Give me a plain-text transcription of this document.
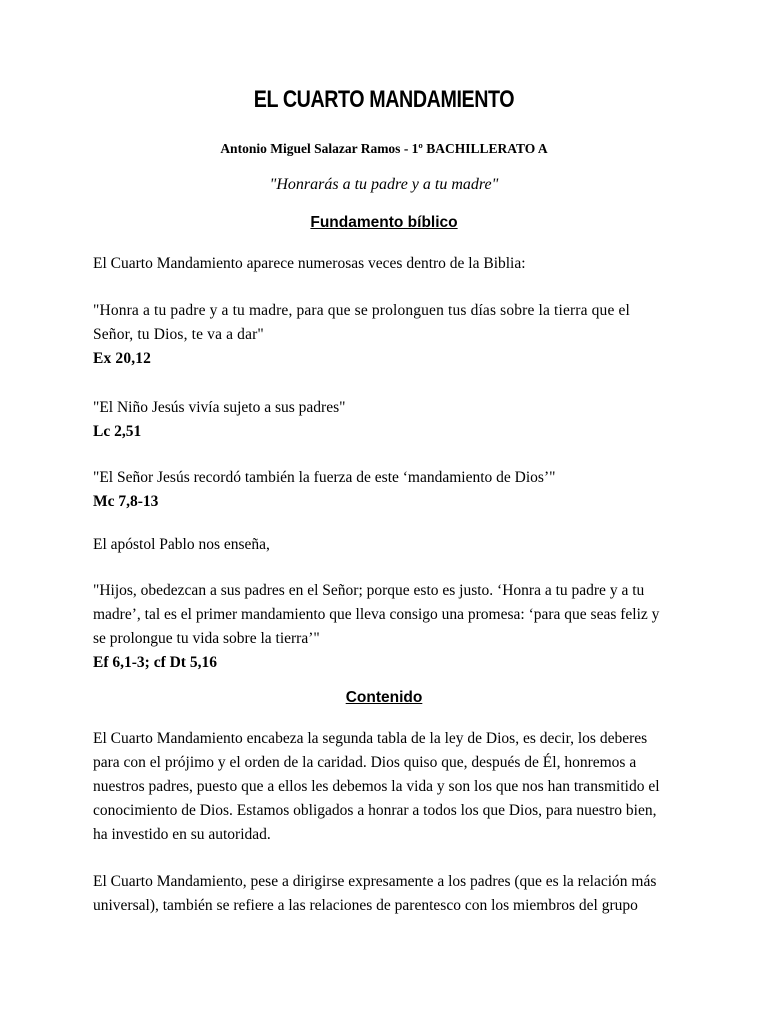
EL CUARTO MANDAMIENTO
Antonio Miguel Salazar Ramos - 1º BACHILLERATO A
"Honrarás a tu padre y a tu madre"
Fundamento bíblico
El Cuarto Mandamiento aparece numerosas veces dentro de la Biblia:
"Honra a tu padre y a tu madre, para que se prolonguen tus días sobre la tierra que el
Señor, tu Dios, te va a dar"
Ex 20,12
"El Niño Jesús vivía sujeto a sus padres"
Lc 2,51
"El Señor Jesús recordó también la fuerza de este ‘mandamiento de Dios’"
Mc 7,8-13
El apóstol Pablo nos enseña,
"Hijos, obedezcan a sus padres en el Señor; porque esto es justo. ‘Honra a tu padre y a tu
madre’, tal es el primer mandamiento que lleva consigo una promesa: ‘para que seas feliz y
se prolongue tu vida sobre la tierra’"
Ef 6,1-3; cf Dt 5,16
Contenido
El Cuarto Mandamiento encabeza la segunda tabla de la ley de Dios, es decir, los deberes
para con el prójimo y el orden de la caridad. Dios quiso que, después de Él, honremos a
nuestros padres, puesto que a ellos les debemos la vida y son los que nos han transmitido el
conocimiento de Dios. Estamos obligados a honrar a todos los que Dios, para nuestro bien,
ha investido en su autoridad.
El Cuarto Mandamiento, pese a dirigirse expresamente a los padres (que es la relación más
universal), también se refiere a las relaciones de parentesco con los miembros del grupo
